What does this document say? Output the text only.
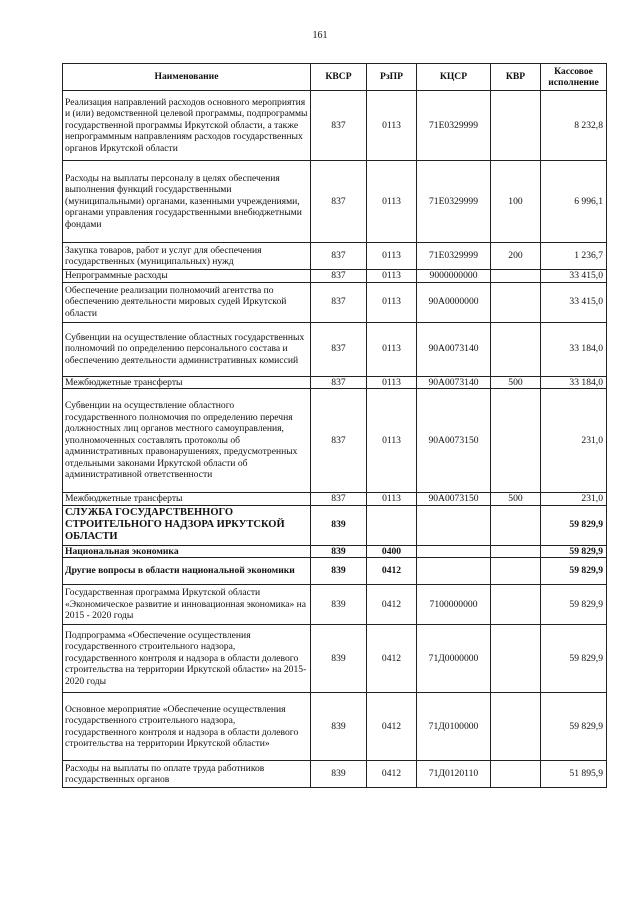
161
Наименование	КВСР	РзПР	КЦСР	КВР	Кассовое исполнение
Реализация направлений расходов основного мероприятия и (или) ведомственной целевой программы, подпрограммы государственной программы Иркутской области, а также непрограммным направлениям расходов государственных органов Иркутской области	837	0113	71Е0329999		8 232,8
Расходы на выплаты персоналу в целях обеспечения выполнения функций государственными (муниципальными) органами, казенными учреждениями, органами управления государственными внебюджетными фондами	837	0113	71Е0329999	100	6 996,1
Закупка товаров, работ и услуг для обеспечения государственных (муниципальных) нужд	837	0113	71Е0329999	200	1 236,7
Непрограммные расходы	837	0113	9000000000		33 415,0
Обеспечение реализации полномочий агентства по обеспечению деятельности мировых судей Иркутской области	837	0113	90А0000000		33 415,0
Субвенции на осуществление областных государственных полномочий по определению персонального состава и обеспечению деятельности административных комиссий	837	0113	90А0073140		33 184,0
Межбюджетные трансферты	837	0113	90А0073140	500	33 184,0
Субвенции на осуществление областного государственного полномочия по определению перечня должностных лиц органов местного самоуправления, уполномоченных составлять протоколы об административных правонарушениях, предусмотренных отдельными законами Иркутской области об административной ответственности	837	0113	90А0073150		231,0
Межбюджетные трансферты	837	0113	90А0073150	500	231,0
СЛУЖБА ГОСУДАРСТВЕННОГО СТРОИТЕЛЬНОГО НАДЗОРА ИРКУТСКОЙ ОБЛАСТИ	839				59 829,9
Национальная экономика	839	0400			59 829,9
Другие вопросы в области национальной экономики	839	0412			59 829,9
Государственная программа Иркутской области «Экономическое развитие и инновационная экономика» на 2015 - 2020 годы	839	0412	7100000000		59 829,9
Подпрограмма «Обеспечение осуществления государственного строительного надзора, государственного контроля и надзора в области долевого строительства на территории Иркутской области» на 2015-2020 годы	839	0412	71Д0000000		59 829,9
Основное мероприятие «Обеспечение осуществления государственного строительного надзора, государственного контроля и надзора в области долевого строительства на территории Иркутской области»	839	0412	71Д0100000		59 829,9
Расходы на выплаты по оплате труда работников государственных органов	839	0412	71Д0120110		51 895,9
